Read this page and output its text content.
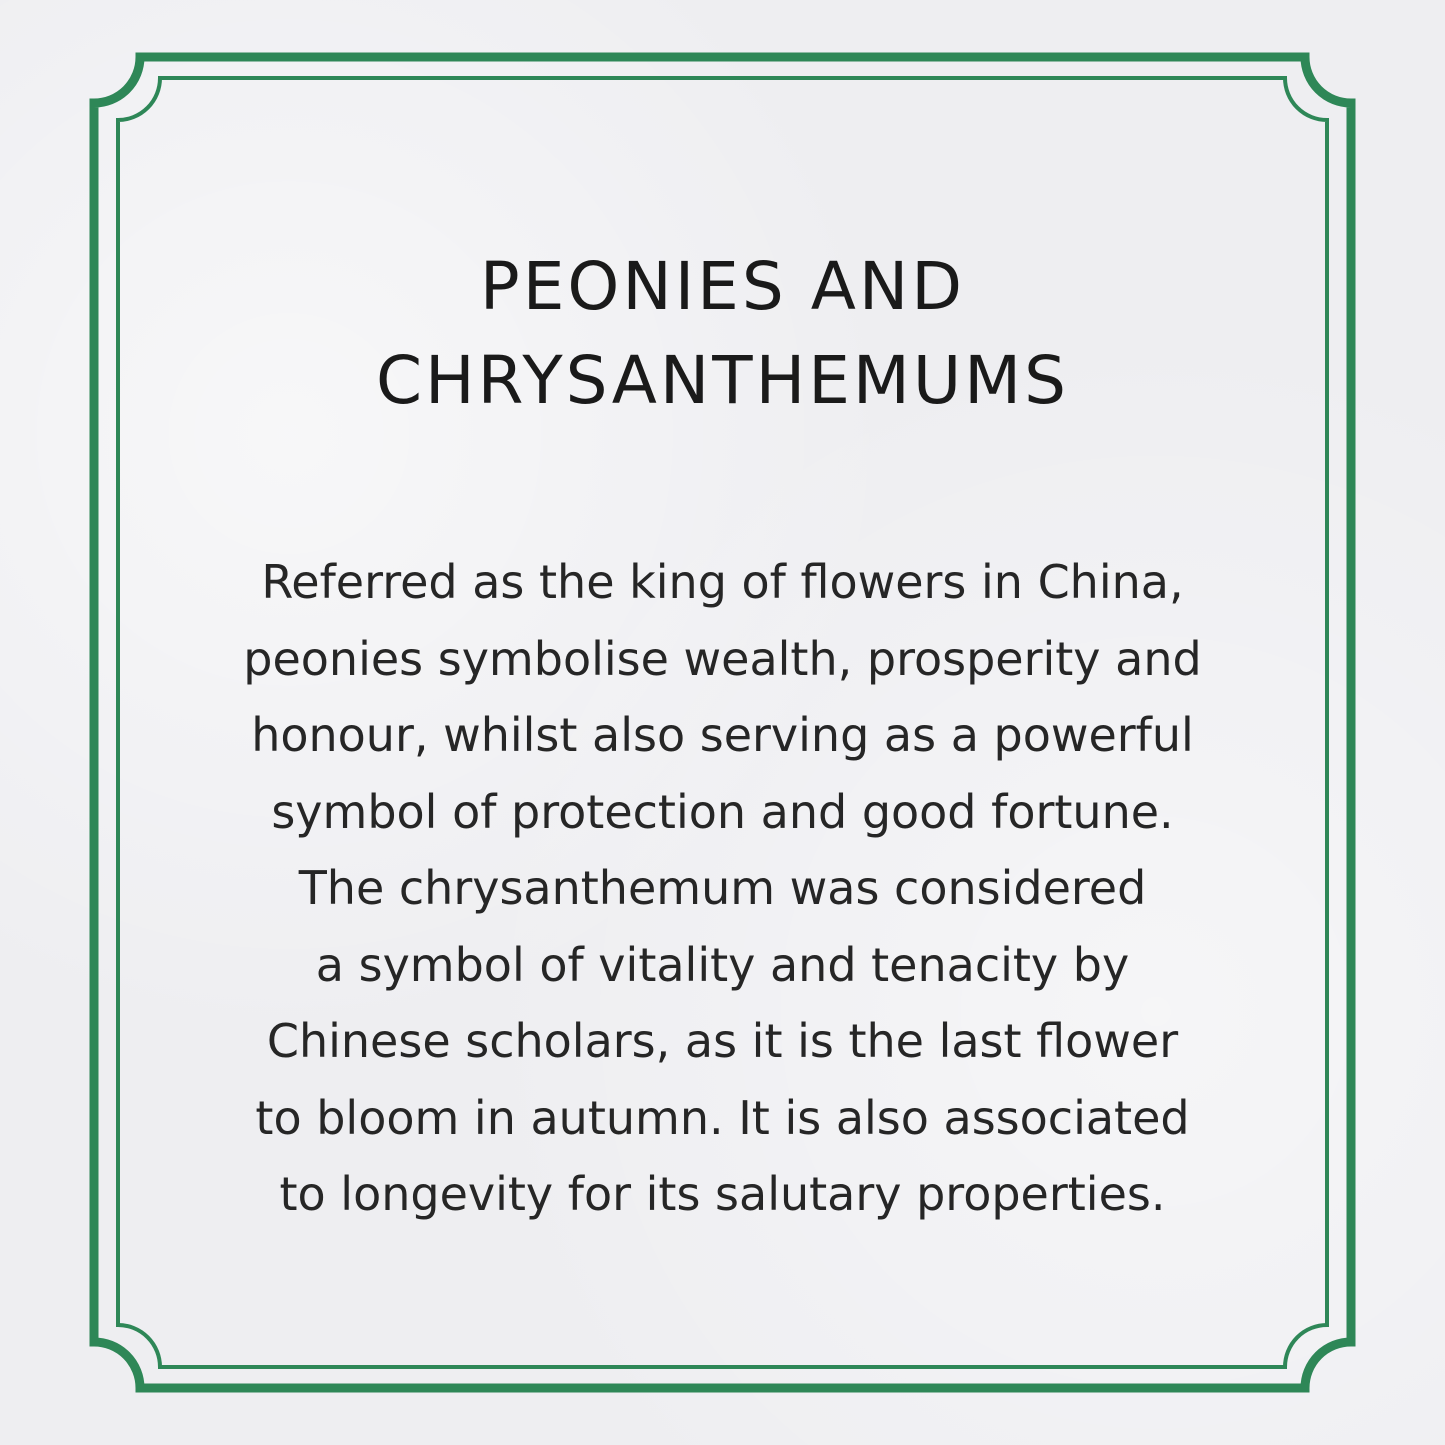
PEONIES AND
CHRYSANTHEMUMS
Referred as the king of flowers in China,
peonies symbolise wealth, prosperity and
honour, whilst also serving as a powerful
symbol of protection and good fortune.
The chrysanthemum was considered
a symbol of vitality and tenacity by
Chinese scholars, as it is the last flower
to bloom in autumn. It is also associated
to longevity for its salutary properties.
